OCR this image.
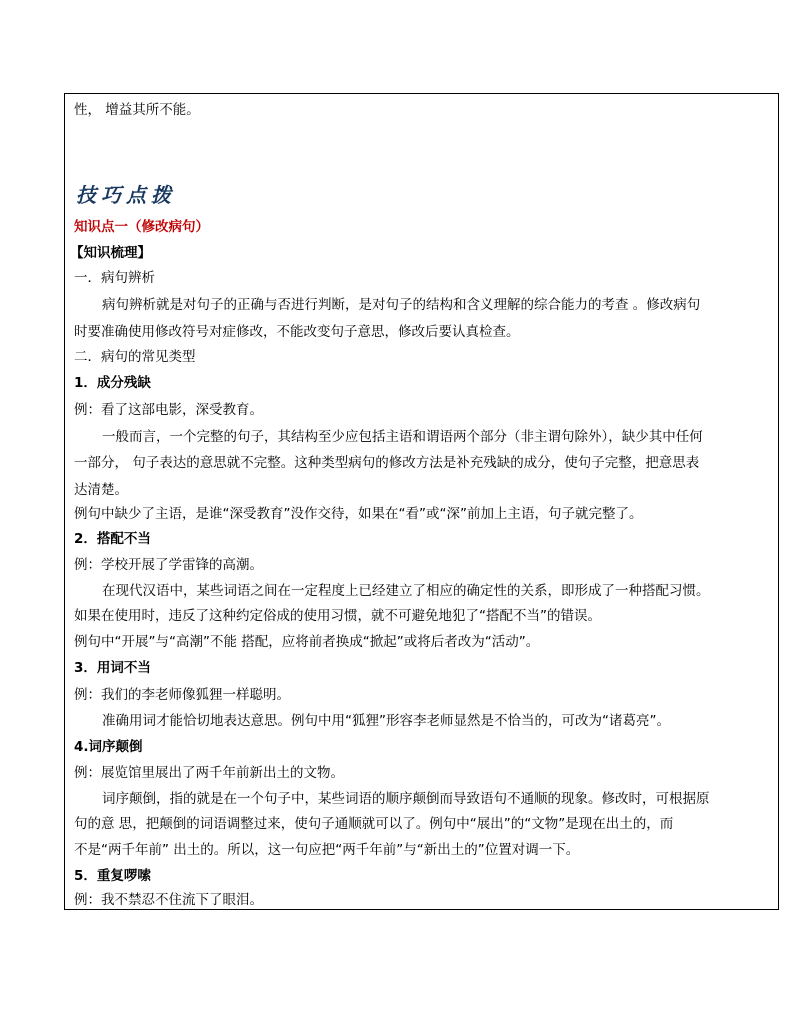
性， 增益其所不能。
技巧点拨
知识点一（修改病句）
【知识梳理】
一．病句辨析
病句辨析就是对句子的正确与否进行判断，是对句子的结构和含义理解的综合能力的考查 。修改病句
时要准确使用修改符号对症修改，不能改变句子意思，修改后要认真检查。
二．病句的常见类型
1．成分残缺
例：看了这部电影，深受教育。
一般而言，一个完整的句子，其结构至少应包括主语和谓语两个部分（非主谓句除外），缺少其中任何
一部分， 句子表达的意思就不完整。这种类型病句的修改方法是补充残缺的成分，使句子完整，把意思表
达清楚。
例句中缺少了主语，是谁“深受教育”没作交待，如果在“看”或“深”前加上主语，句子就完整了。
2．搭配不当
例：学校开展了学雷锋的高潮。
在现代汉语中，某些词语之间在一定程度上已经建立了相应的确定性的关系，即形成了一种搭配习惯。
如果在使用时，违反了这种约定俗成的使用习惯，就不可避免地犯了“搭配不当”的错误。
例句中“开展”与“高潮”不能 搭配，应将前者换成“掀起”或将后者改为“活动”。
3．用词不当
例：我们的李老师像狐狸一样聪明。
准确用词才能恰切地表达意思。例句中用“狐狸”形容李老师显然是不恰当的，可改为“诸葛亮”。
4.词序颠倒
例：展览馆里展出了两千年前新出土的文物。
词序颠倒，指的就是在一个句子中，某些词语的顺序颠倒而导致语句不通顺的现象。修改时，可根据原
句的意 思，把颠倒的词语调整过来，使句子通顺就可以了。例句中“展出”的“文物”是现在出土的，而
不是“两千年前” 出土的。所以，这一句应把“两千年前”与“新出土的”位置对调一下。
5．重复啰嗦
例：我不禁忍不住流下了眼泪。
